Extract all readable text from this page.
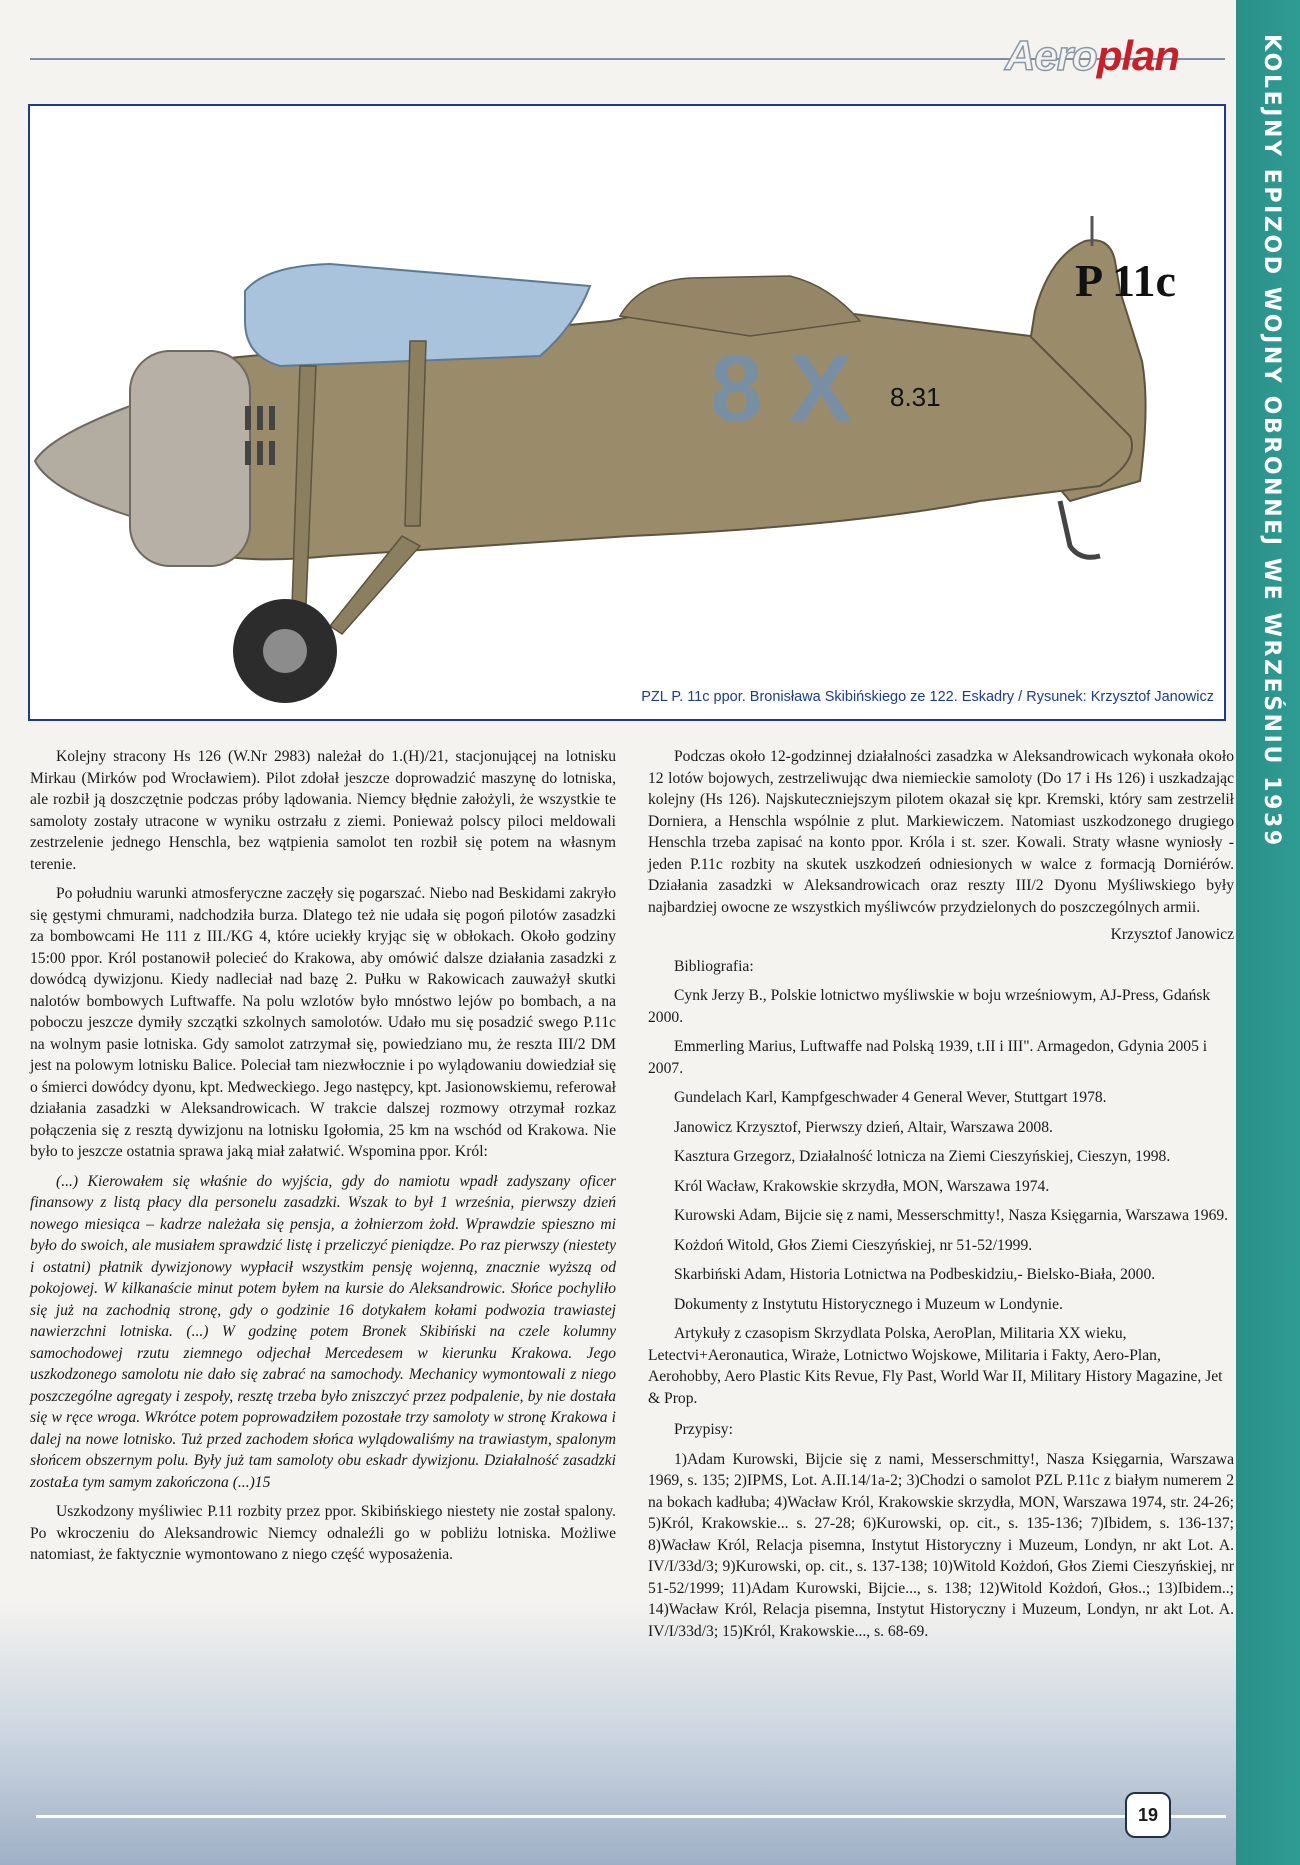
Aeroplan	KOLEJNY EPIZOD WOJNY OBRONNEJ WE WRZEŚNIU 1939
P 11c
8.31
8 X
PZL P. 11c ppor. Bronisława Skibińskiego ze 122. Eskadry / Rysunek: Krzysztof Janowicz

Kolejny stracony Hs 126 (W.Nr 2983) należał do 1.(H)/21, stacjonującej na lotnisku Mirkau (Mirków pod Wrocławiem). Pilot zdołał jeszcze doprowadzić maszynę do lotniska, ale rozbił ją doszczętnie podczas próby lądowania. Niemcy błędnie założyli, że wszystkie te samoloty zostały utracone w wyniku ostrzału z ziemi. Ponieważ polscy piloci meldowali zestrzelenie jednego Henschla, bez wątpienia samolot ten rozbił się potem na własnym terenie.

Po południu warunki atmosferyczne zaczęły się pogarszać. Niebo nad Beskidami zakryło się gęstymi chmurami, nadchodziła burza. Dlatego też nie udała się pogoń pilotów zasadzki za bombowcami He 111 z III./KG 4, które uciekły kryjąc się w obłokach. Około godziny 15:00 ppor. Król postanowił polecieć do Krakowa, aby omówić dalsze działania zasadzki z dowódcą dywizjonu. Kiedy nadleciał nad bazę 2. Pułku w Rakowicach zauważył skutki nalotów bombowych Luftwaffe. Na polu wzlotów było mnóstwo lejów po bombach, a na poboczu jeszcze dymiły szczątki szkolnych samolotów. Udało mu się posadzić swego P.11c na wolnym pasie lotniska. Gdy samolot zatrzymał się, powiedziano mu, że reszta III/2 DM jest na polowym lotnisku Balice. Poleciał tam niezwłocznie i po wylądowaniu dowiedział się o śmierci dowódcy dyonu, kpt. Medweckiego. Jego następcy, kpt. Jasionowskiemu, referował działania zasadzki w Aleksandrowicach. W trakcie dalszej rozmowy otrzymał rozkaz połączenia się z resztą dywizjonu na lotnisku Igołomia, 25 km na wschód od Krakowa. Nie było to jeszcze ostatnia sprawa jaką miał załatwić. Wspomina ppor. Król:

(...) Kierowałem się właśnie do wyjścia, gdy do namiotu wpadł zadyszany oficer finansowy z listą płacy dla personelu zasadzki. Wszak to był 1 września, pierwszy dzień nowego miesiąca – kadrze należała się pensja, a żołnierzom żołd. Wprawdzie spieszno mi było do swoich, ale musiałem sprawdzić listę i przeliczyć pieniądze. Po raz pierwszy (niestety i ostatni) płatnik dywizjonowy wypłacił wszystkim pensję wojenną, znacznie wyższą od pokojowej. W kilkanaście minut potem byłem na kursie do Aleksandrowic. Słońce pochyliło się już na zachodnią stronę, gdy o godzinie 16 dotykałem kołami podwozia trawiastej nawierzchni lotniska. (...) W godzinę potem Bronek Skibiński na czele kolumny samochodowej rzutu ziemnego odjechał Mercedesem w kierunku Krakowa. Jego uszkodzonego samolotu nie dało się zabrać na samochody. Mechanicy wymontowali z niego poszczególne agregaty i zespoły, resztę trzeba było zniszczyć przez podpalenie, by nie dostała się w ręce wroga. Wkrótce potem poprowadziłem pozostałe trzy samoloty w stronę Krakowa i dalej na nowe lotnisko. Tuż przed zachodem słońca wylądowaliśmy na trawiastym, spalonym słońcem obszernym polu. Były już tam samoloty obu eskadr dywizjonu. Działalność zasadzki zostaŁa tym samym zakończona (...)15

Uszkodzony myśliwiec P.11 rozbity przez ppor. Skibińskiego niestety nie został spalony. Po wkroczeniu do Aleksandrowic Niemcy odnaleźli go w pobliżu lotniska. Możliwe natomiast, że faktycznie wymontowano z niego część wyposażenia.

Podczas około 12-godzinnej działalności zasadzka w Aleksandrowicach wykonała około 12 lotów bojowych, zestrzeliwując dwa niemieckie samoloty (Do 17 i Hs 126) i uszkadzając kolejny (Hs 126). Najskuteczniejszym pilotem okazał się kpr. Kremski, który sam zestrzelił Dorniera, a Henschla wspólnie z plut. Markiewiczem. Natomiast uszkodzonego drugiego Henschla trzeba zapisać na konto ppor. Króla i st. szer. Kowali. Straty własne wyniosły - jeden P.11c rozbity na skutek uszkodzeń odniesionych w walce z formacją Dorniérów. Działania zasadzki w Aleksandrowicach oraz reszty III/2 Dyonu Myśliwskiego były najbardziej owocne ze wszystkich myśliwców przydzielonych do poszczególnych armii.

Krzysztof Janowicz

Bibliografia:

Cynk Jerzy B., Polskie lotnictwo myśliwskie w boju wrześniowym, AJ-Press, Gdańsk 2000.
Emmerling Marius, Luftwaffe nad Polską 1939, t.II i III". Armagedon, Gdynia 2005 i 2007.
Gundelach Karl, Kampfgeschwader 4 General Wever, Stuttgart 1978.
Janowicz Krzysztof, Pierwszy dzień, Altair, Warszawa 2008.
Kasztura Grzegorz, Działalność lotnicza na Ziemi Cieszyńskiej, Cieszyn, 1998.
Król Wacław, Krakowskie skrzydła, MON, Warszawa 1974.
Kurowski Adam, Bijcie się z nami, Messerschmitty!, Nasza Księgarnia, Warszawa 1969.
Kożdoń Witold, Głos Ziemi Cieszyńskiej, nr 51-52/1999.
Skarbiński Adam, Historia Lotnictwa na Podbeskidziu,- Bielsko-Biała, 2000.
Dokumenty z Instytutu Historycznego i Muzeum w Londynie.
Artykuły z czasopism Skrzydlata Polska, AeroPlan, Militaria XX wieku, Letectvi+Aeronautica, Wiraże, Lotnictwo Wojskowe, Militaria i Fakty, Aero-Plan, Aerohobby, Aero Plastic Kits Revue, Fly Past, World War II, Military History Magazine, Jet & Prop.

Przypisy:

1)Adam Kurowski, Bijcie się z nami, Messerschmitty!, Nasza Księgarnia, Warszawa 1969, s. 135; 2)IPMS, Lot. A.II.14/1a-2; 3)Chodzi o samolot PZL P.11c z białym numerem 2 na bokach kadłuba; 4)Wacław Król, Krakowskie skrzydła, MON, Warszawa 1974, str. 24-26; 5)Król, Krakowskie... s. 27-28; 6)Kurowski, op. cit., s. 135-136; 7)Ibidem, s. 136-137; 8)Wacław Król, Relacja pisemna, Instytut Historyczny i Muzeum, Londyn, nr akt Lot. A. IV/I/33d/3; 9)Kurowski, op. cit., s. 137-138; 10)Witold Kożdoń, Głos Ziemi Cieszyńskiej, nr 51-52/1999; 11)Adam Kurowski, Bijcie..., s. 138; 12)Witold Kożdoń, Głos..; 13)Ibidem..; 14)Wacław Król, Relacja pisemna, Instytut Historyczny i Muzeum, Londyn, nr akt Lot. A. IV/I/33d/3; 15)Król, Krakowskie..., s. 68-69.

19
